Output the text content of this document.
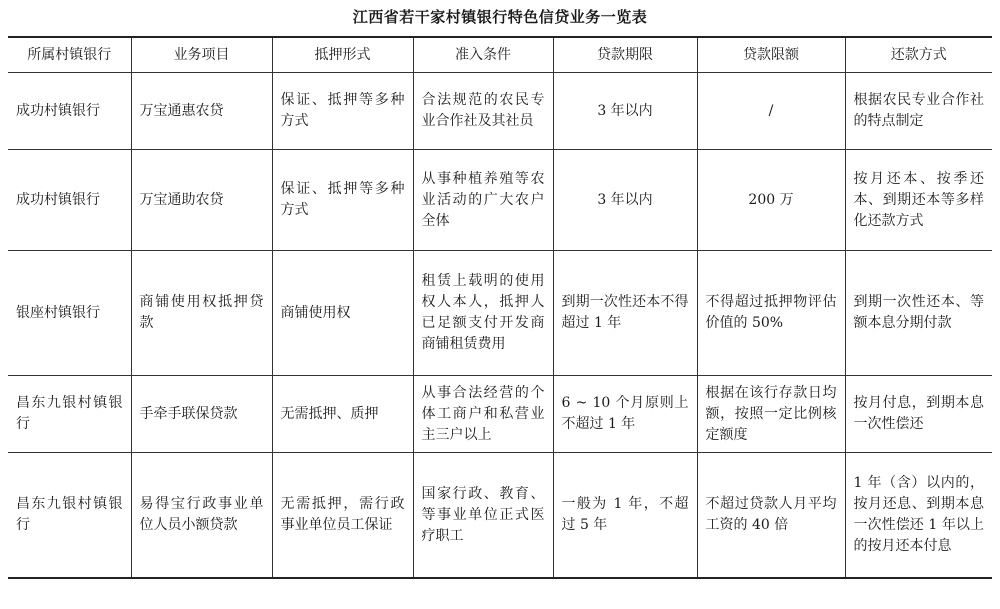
江西省若干家村镇银行特色信贷业务一览表
所属村镇银行	业务项目	抵押形式	准入条件	贷款期限	贷款限额	还款方式
成功村镇银行	万宝通惠农贷	保证、抵押等多种方式	合法规范的农民专业合作社及其社员	3 年以内	/	根据农民专业合作社的特点制定
成功村镇银行	万宝通助农贷	保证、抵押等多种方式	从事种植养殖等农业活动的广大农户全体	3 年以内	200 万	按月还本、按季还本、到期还本等多样化还款方式
银座村镇银行	商铺使用权抵押贷款	商铺使用权	租赁上载明的使用权人本人，抵押人已足额支付开发商商铺租赁费用	到期一次性还本不得超过 1 年	不得超过抵押物评估价值的 50%	到期一次性还本、等额本息分期付款
昌东九银村镇银行	手牵手联保贷款	无需抵押、质押	从事合法经营的个体工商户和私营业主三户以上	6 ~ 10 个月原则上不超过 1 年	根据在该行存款日均额，按照一定比例核定额度	按月付息，到期本息一次性偿还
昌东九银村镇银行	易得宝行政事业单位人员小额贷款	无需抵押，需行政事业单位员工保证	国家行政、教育、等事业单位正式医疗职工	一般为 1 年，不超过 5 年	不超过贷款人月平均工资的 40 倍	1 年（含）以内的，按月还息、到期本息一次性偿还 1 年以上的按月还本付息
